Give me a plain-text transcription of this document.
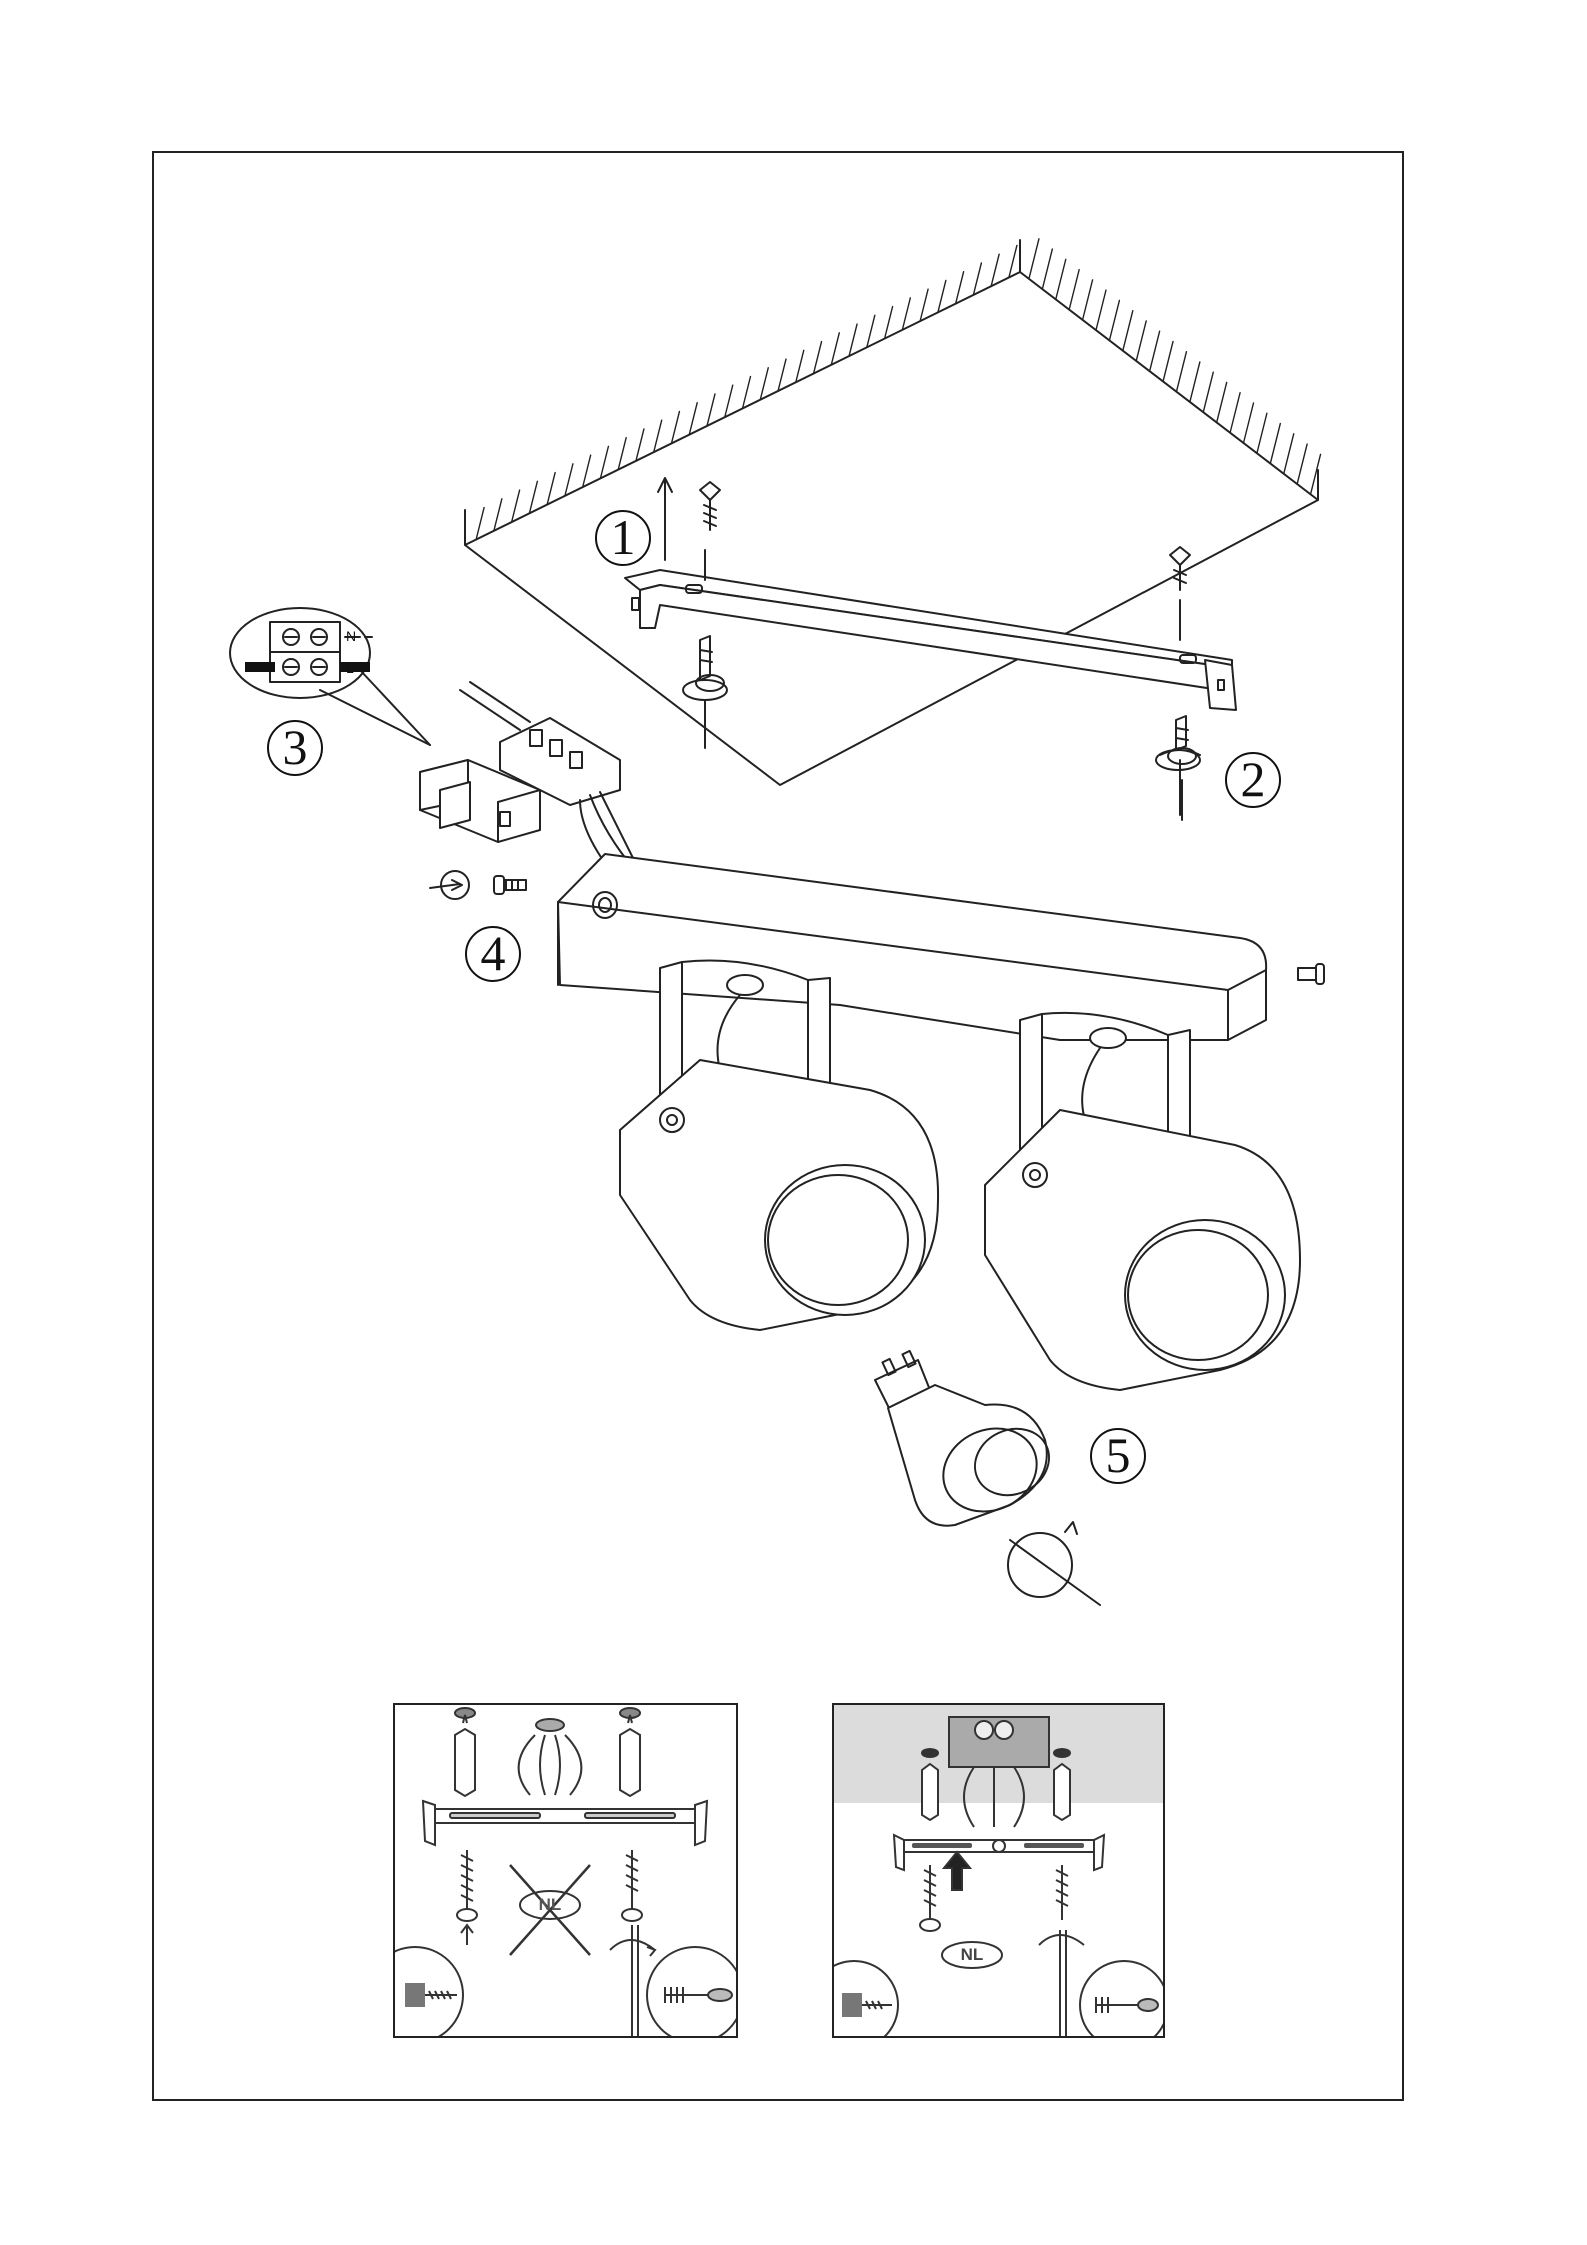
1
2
3
4
5
N
L
NL
NL
